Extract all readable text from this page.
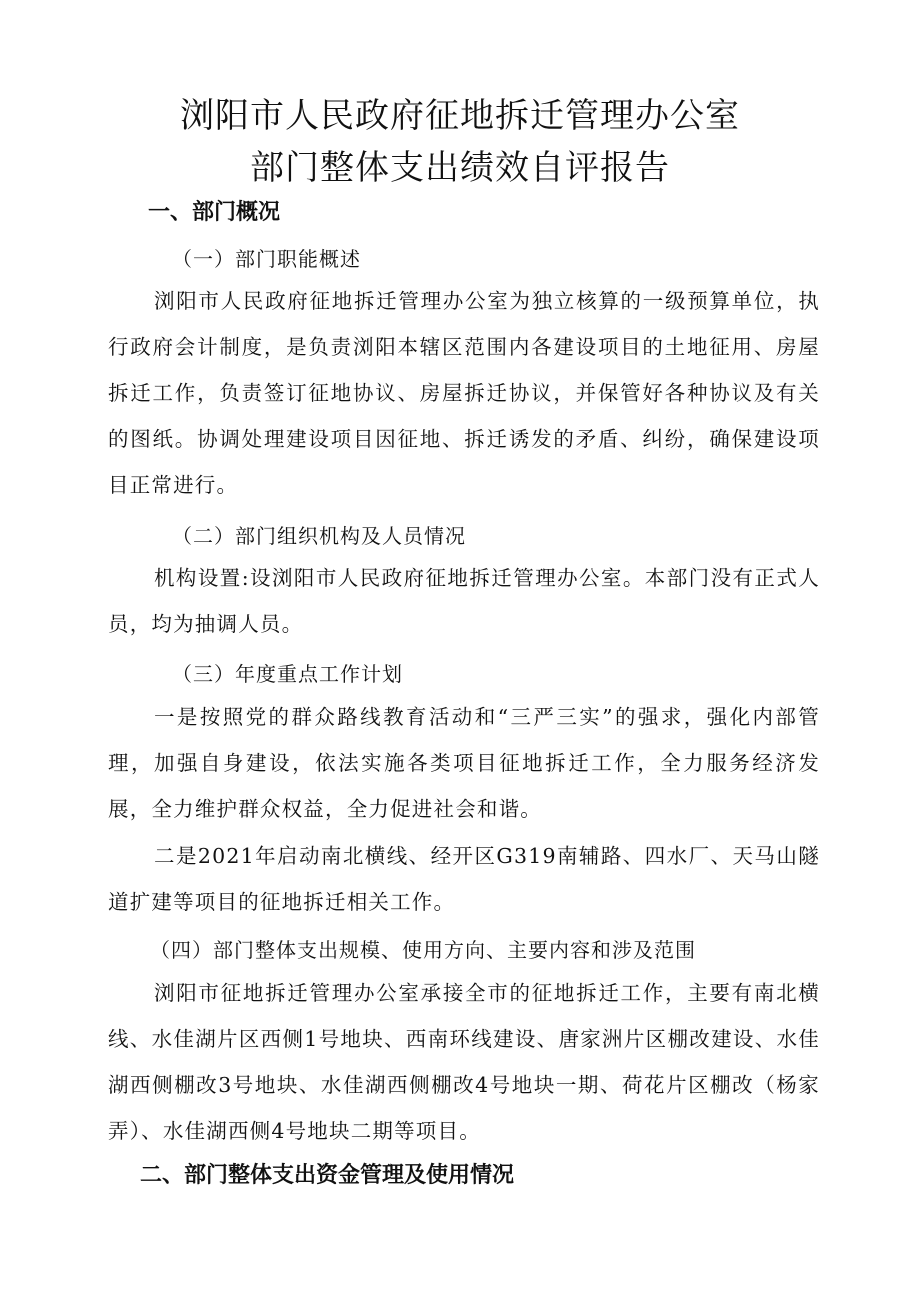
浏阳市人民政府征地拆迁管理办公室
部门整体支出绩效自评报告
一、部门概况
（一）部门职能概述

浏阳市人民政府征地拆迁管理办公室为独立核算的一级预算单位，执行政府会计制度，是负责浏阳本辖区范围内各建设项目的土地征用、房屋拆迁工作，负责签订征地协议、房屋拆迁协议，并保管好各种协议及有关的图纸。协调处理建设项目因征地、拆迁诱发的矛盾、纠纷，确保建设项目正常进行。

（二）部门组织机构及人员情况

机构设置:设浏阳市人民政府征地拆迁管理办公室。本部门没有正式人员，均为抽调人员。

（三）年度重点工作计划

一是按照党的群众路线教育活动和“三严三实”的强求，强化内部管理，加强自身建设，依法实施各类项目征地拆迁工作，全力服务经济发展，全力维护群众权益，全力促进社会和谐。

二是2021年启动南北横线、经开区G319南辅路、四水厂、天马山隧道扩建等项目的征地拆迁相关工作。

（四）部门整体支出规模、使用方向、主要内容和涉及范围

浏阳市征地拆迁管理办公室承接全市的征地拆迁工作，主要有南北横线、水佳湖片区西侧1号地块、西南环线建设、唐家洲片区棚改建设、水佳湖西侧棚改3号地块、水佳湖西侧棚改4号地块一期、荷花片区棚改（杨家弄）、水佳湖西侧4号地块二期等项目。

二、部门整体支出资金管理及使用情况
